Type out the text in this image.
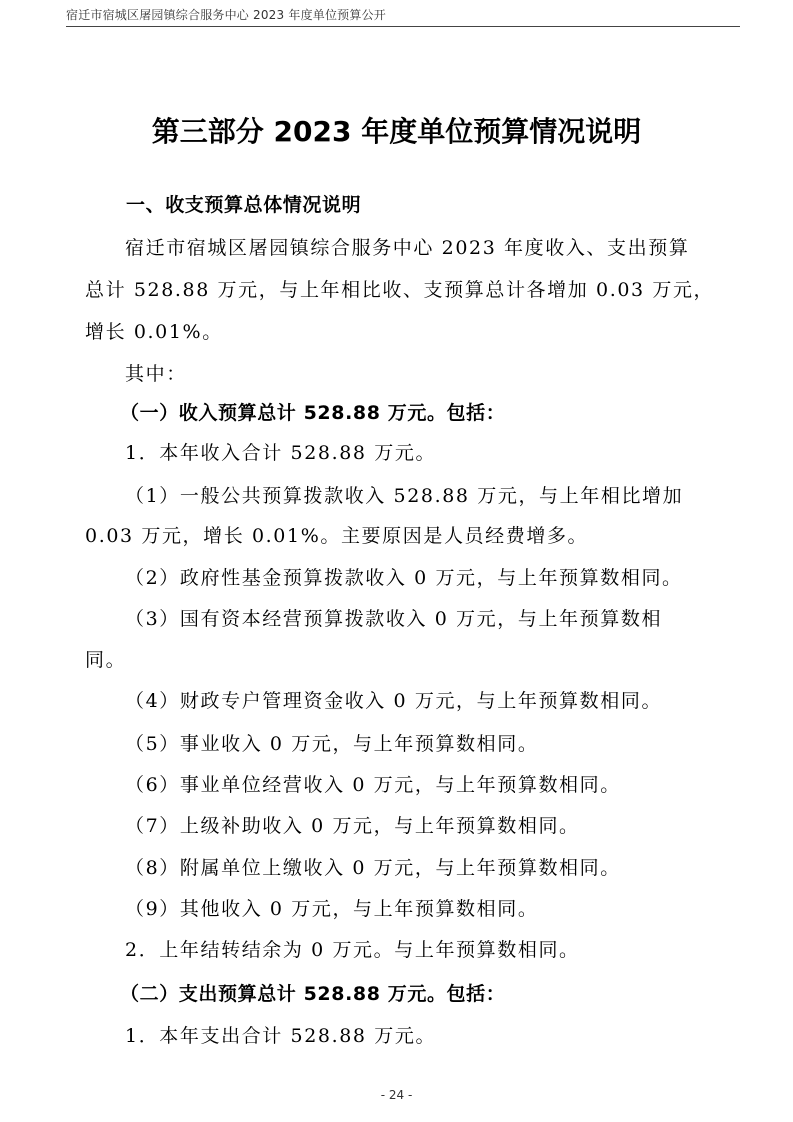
宿迁市宿城区屠园镇综合服务中心 2023 年度单位预算公开
第三部分 2023 年度单位预算情况说明
一、收支预算总体情况说明
宿迁市宿城区屠园镇综合服务中心 2023 年度收入、支出预算
总计 528.88 万元，与上年相比收、支预算总计各增加 0.03 万元，
增长 0.01%。
其中：
（一）收入预算总计 528.88 万元。包括：
1．本年收入合计 528.88 万元。
（1）一般公共预算拨款收入 528.88 万元，与上年相比增加
0.03 万元，增长 0.01%。主要原因是人员经费增多。
（2）政府性基金预算拨款收入 0 万元，与上年预算数相同。
（3）国有资本经营预算拨款收入 0 万元，与上年预算数相
同。
（4）财政专户管理资金收入 0 万元，与上年预算数相同。
（5）事业收入 0 万元，与上年预算数相同。
（6）事业单位经营收入 0 万元，与上年预算数相同。
（7）上级补助收入 0 万元，与上年预算数相同。
（8）附属单位上缴收入 0 万元，与上年预算数相同。
（9）其他收入 0 万元，与上年预算数相同。
2．上年结转结余为 0 万元。与上年预算数相同。
（二）支出预算总计 528.88 万元。包括：
1．本年支出合计 528.88 万元。
- 24 -
